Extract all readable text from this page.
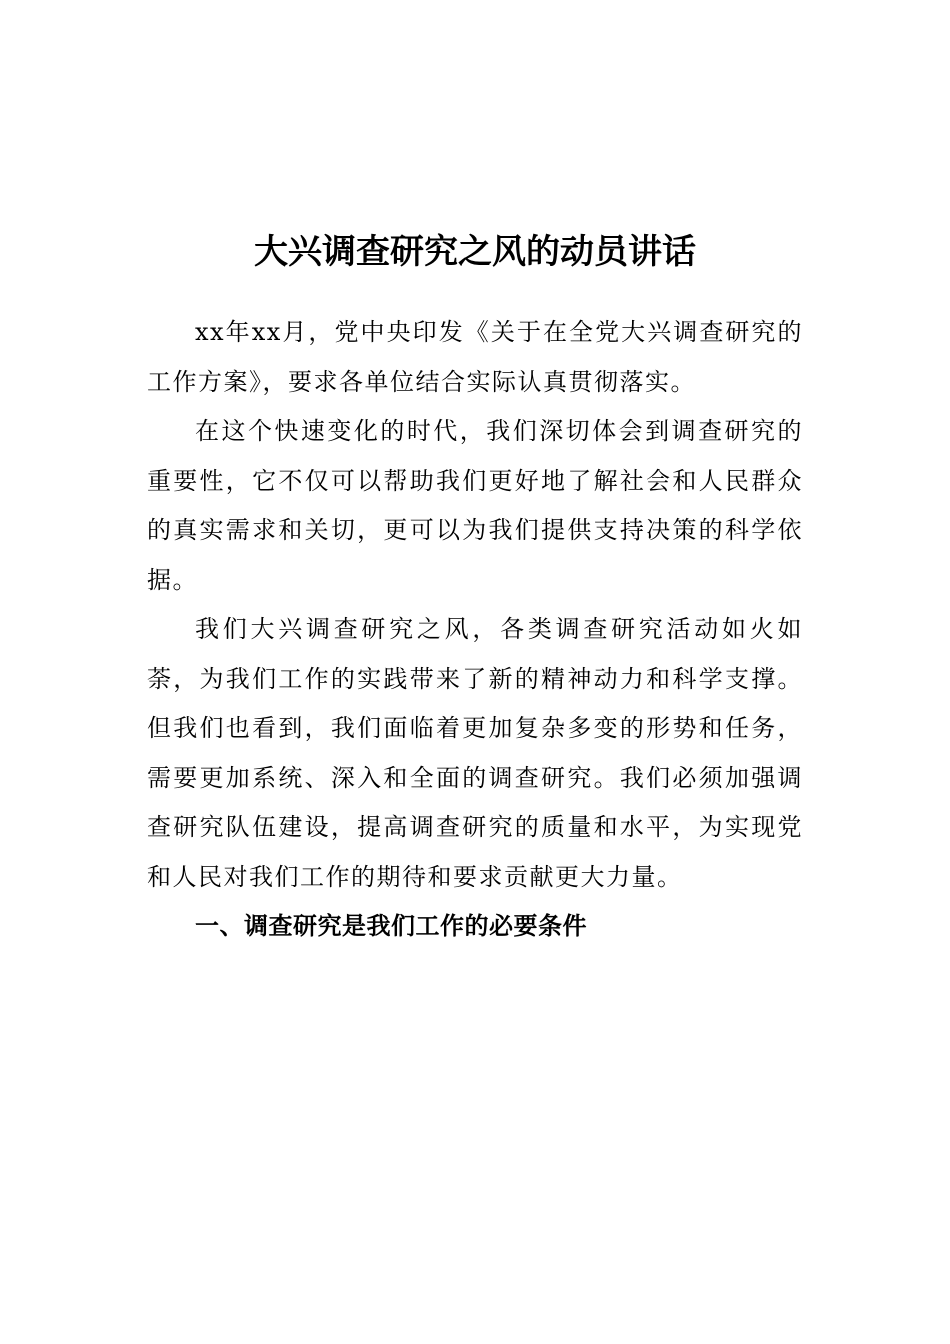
大兴调查研究之风的动员讲话

xx年xx月，党中央印发《关于在全党大兴调查研究的工作方案》，要求各单位结合实际认真贯彻落实。

在这个快速变化的时代，我们深切体会到调查研究的重要性，它不仅可以帮助我们更好地了解社会和人民群众的真实需求和关切，更可以为我们提供支持决策的科学依据。

我们大兴调查研究之风，各类调查研究活动如火如荼，为我们工作的实践带来了新的精神动力和科学支撑。但我们也看到，我们面临着更加复杂多变的形势和任务，需要更加系统、深入和全面的调查研究。我们必须加强调查研究队伍建设，提高调查研究的质量和水平，为实现党和人民对我们工作的期待和要求贡献更大力量。

一、调查研究是我们工作的必要条件
